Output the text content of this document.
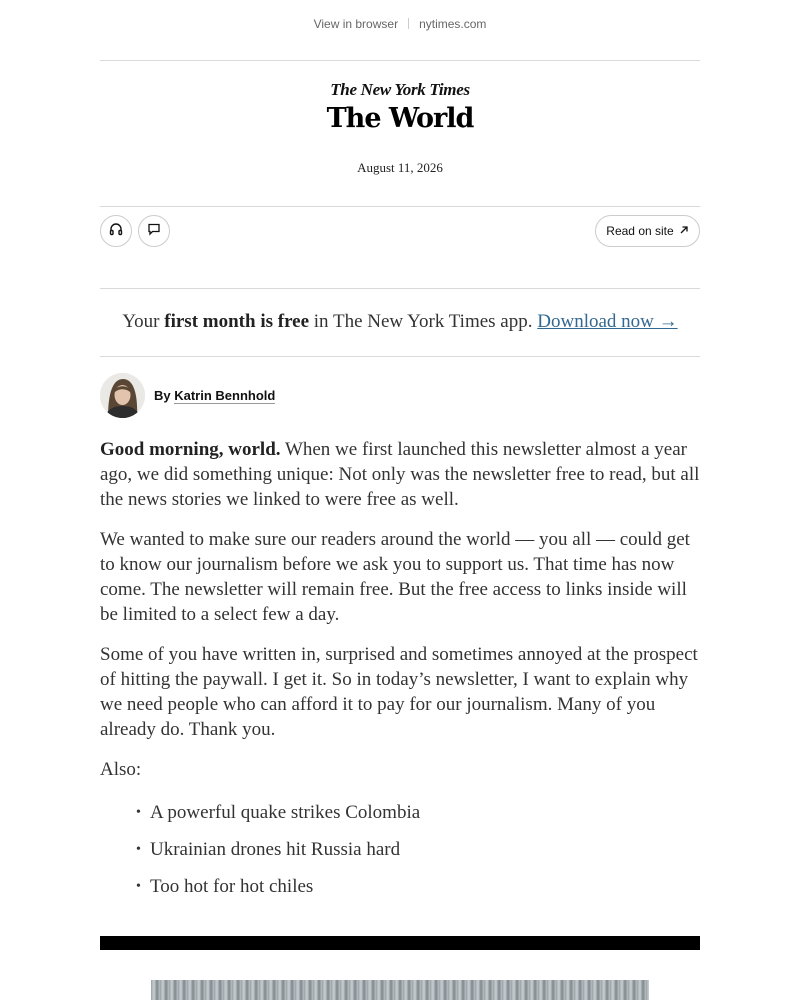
View in browser nytimes.com
The New York Times
The World
August 11, 2026
Read on site
Your first month is free in The New York Times app. Download now →
By Katrin Bennhold

Good morning, world. When we first launched this newsletter almost a year ago, we did something unique: Not only was the newsletter free to read, but all the news stories we linked to were free as well.

We wanted to make sure our readers around the world — you all — could get to know our journalism before we ask you to support us. That time has now come. The newsletter will remain free. But the free access to links inside will be limited to a select few a day.

Some of you have written in, surprised and sometimes annoyed at the prospect of hitting the paywall. I get it. So in today’s newsletter, I want to explain why we need people who can afford it to pay for our journalism. Many of you already do. Thank you.

Also:

• A powerful quake strikes Colombia
• Ukrainian drones hit Russia hard
• Too hot for hot chiles
